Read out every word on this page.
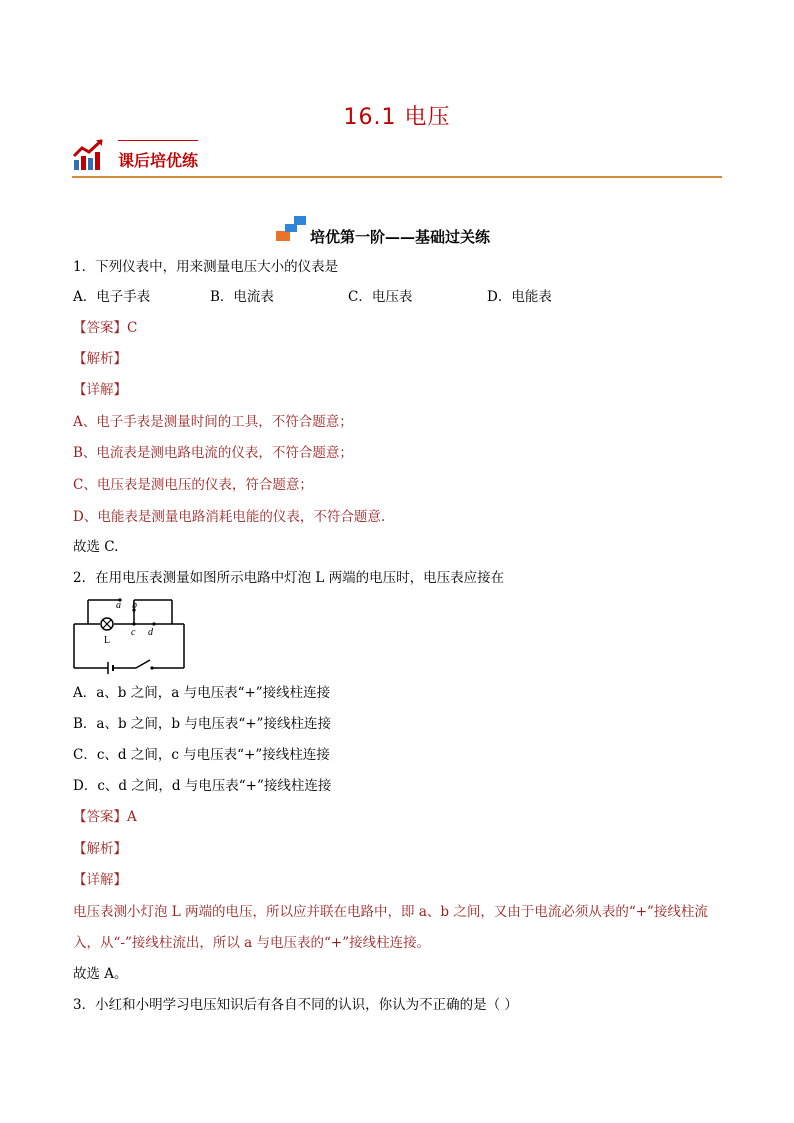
16.1 电压
课后培优练
培优第一阶——基础过关练
1．下列仪表中，用来测量电压大小的仪表是
A．电子手表	B．电流表	C．电压表	D．电能表
【答案】C
【解析】
【详解】
A、电子手表是测量时间的工具，不符合题意；
B、电流表是测电路电流的仪表，不符合题意；
C、电压表是测电压的仪表，符合题意；
D、电能表是测量电路消耗电能的仪表，不符合题意.
故选 C.
2．在用电压表测量如图所示电路中灯泡 L 两端的电压时，电压表应接在
a b
c d
L
A．a、b 之间，a 与电压表“+”接线柱连接
B．a、b 之间，b 与电压表“+”接线柱连接
C．c、d 之间，c 与电压表“+”接线柱连接
D．c、d 之间，d 与电压表“+”接线柱连接
【答案】A
【解析】
【详解】
电压表测小灯泡 L 两端的电压，所以应并联在电路中，即 a、b 之间，又由于电流必须从表的“+”接线柱流
入，从“-”接线柱流出，所以 a 与电压表的“+”接线柱连接。
故选 A。
3．小红和小明学习电压知识后有各自不同的认识，你认为不正确的是（ ）
